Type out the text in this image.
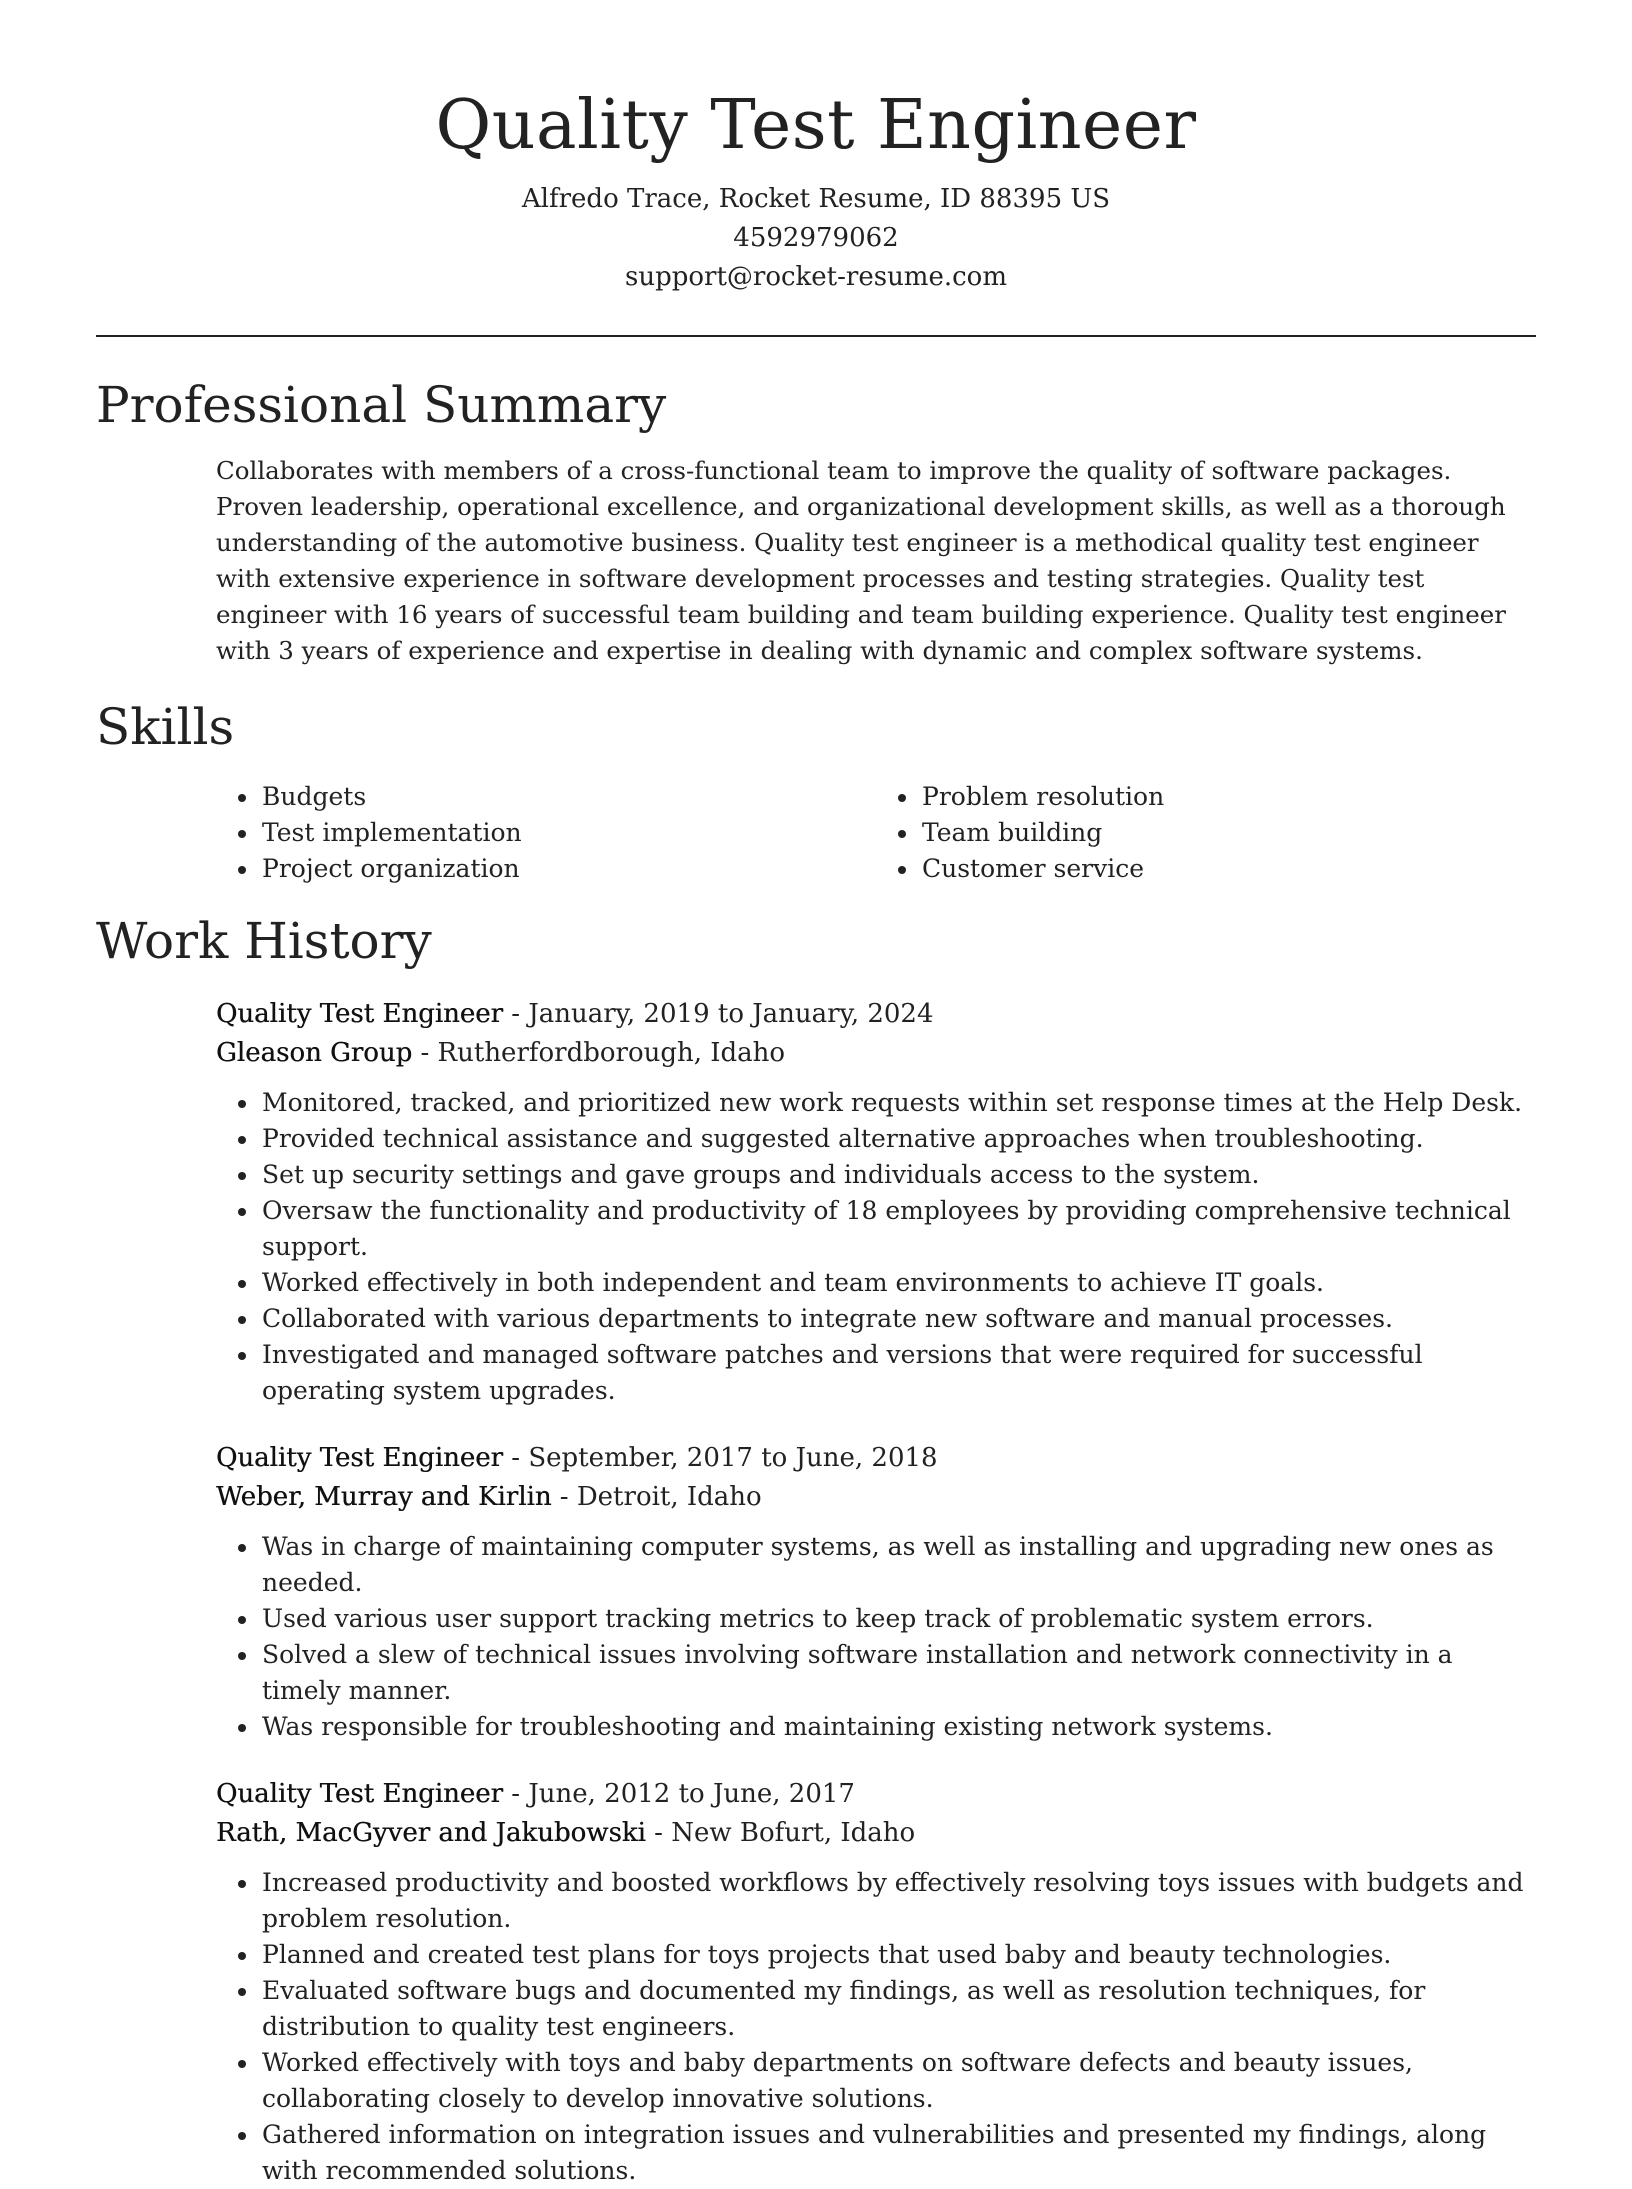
Quality Test Engineer
Alfredo Trace, Rocket Resume, ID 88395 US
4592979062
support@rocket-resume.com
Professional Summary

Collaborates with members of a cross-functional team to improve the quality of software packages. Proven leadership, operational excellence, and organizational development skills, as well as a thorough understanding of the automotive business. Quality test engineer is a methodical quality test engineer with extensive experience in software development processes and testing strategies. Quality test engineer with 16 years of successful team building and team building experience. Quality test engineer with 3 years of experience and expertise in dealing with dynamic and complex software systems.

Skills
• Budgets
• Test implementation
• Project organization
• Problem resolution
• Team building
• Customer service
Work History
Quality Test Engineer - January, 2019 to January, 2024
Gleason Group - Rutherfordborough, Idaho
• Monitored, tracked, and prioritized new work requests within set response times at the Help Desk.
• Provided technical assistance and suggested alternative approaches when troubleshooting.
• Set up security settings and gave groups and individuals access to the system.
• Oversaw the functionality and productivity of 18 employees by providing comprehensive technical support.
• Worked effectively in both independent and team environments to achieve IT goals.
• Collaborated with various departments to integrate new software and manual processes.
• Investigated and managed software patches and versions that were required for successful operating system upgrades.
Quality Test Engineer - September, 2017 to June, 2018
Weber, Murray and Kirlin - Detroit, Idaho
• Was in charge of maintaining computer systems, as well as installing and upgrading new ones as needed.
• Used various user support tracking metrics to keep track of problematic system errors.
• Solved a slew of technical issues involving software installation and network connectivity in a timely manner.
• Was responsible for troubleshooting and maintaining existing network systems.
Quality Test Engineer - June, 2012 to June, 2017
Rath, MacGyver and Jakubowski - New Bofurt, Idaho
• Increased productivity and boosted workflows by effectively resolving toys issues with budgets and problem resolution.
• Planned and created test plans for toys projects that used baby and beauty technologies.
• Evaluated software bugs and documented my findings, as well as resolution techniques, for distribution to quality test engineers.
• Worked effectively with toys and baby departments on software defects and beauty issues, collaborating closely to develop innovative solutions.
• Gathered information on integration issues and vulnerabilities and presented my findings, along with recommended solutions.
